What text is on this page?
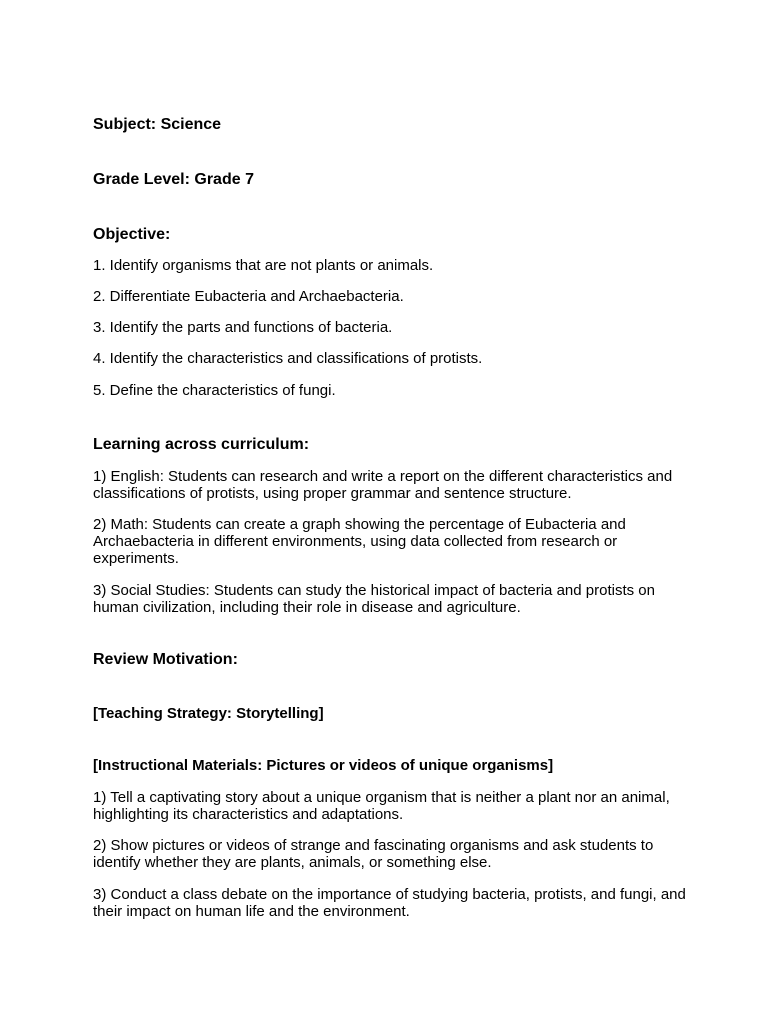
Subject: Science

Grade Level: Grade 7

Objective:

1. Identify organisms that are not plants or animals.

2. Differentiate Eubacteria and Archaebacteria.

3. Identify the parts and functions of bacteria.

4. Identify the characteristics and classifications of protists.

5. Define the characteristics of fungi.

Learning across curriculum:

1) English: Students can research and write a report on the different characteristics and classifications of protists, using proper grammar and sentence structure.

2) Math: Students can create a graph showing the percentage of Eubacteria and Archaebacteria in different environments, using data collected from research or experiments.

3) Social Studies: Students can study the historical impact of bacteria and protists on human civilization, including their role in disease and agriculture.

Review Motivation:

[Teaching Strategy: Storytelling]

[Instructional Materials: Pictures or videos of unique organisms]

1) Tell a captivating story about a unique organism that is neither a plant nor an animal, highlighting its characteristics and adaptations.

2) Show pictures or videos of strange and fascinating organisms and ask students to identify whether they are plants, animals, or something else.

3) Conduct a class debate on the importance of studying bacteria, protists, and fungi, and their impact on human life and the environment.
